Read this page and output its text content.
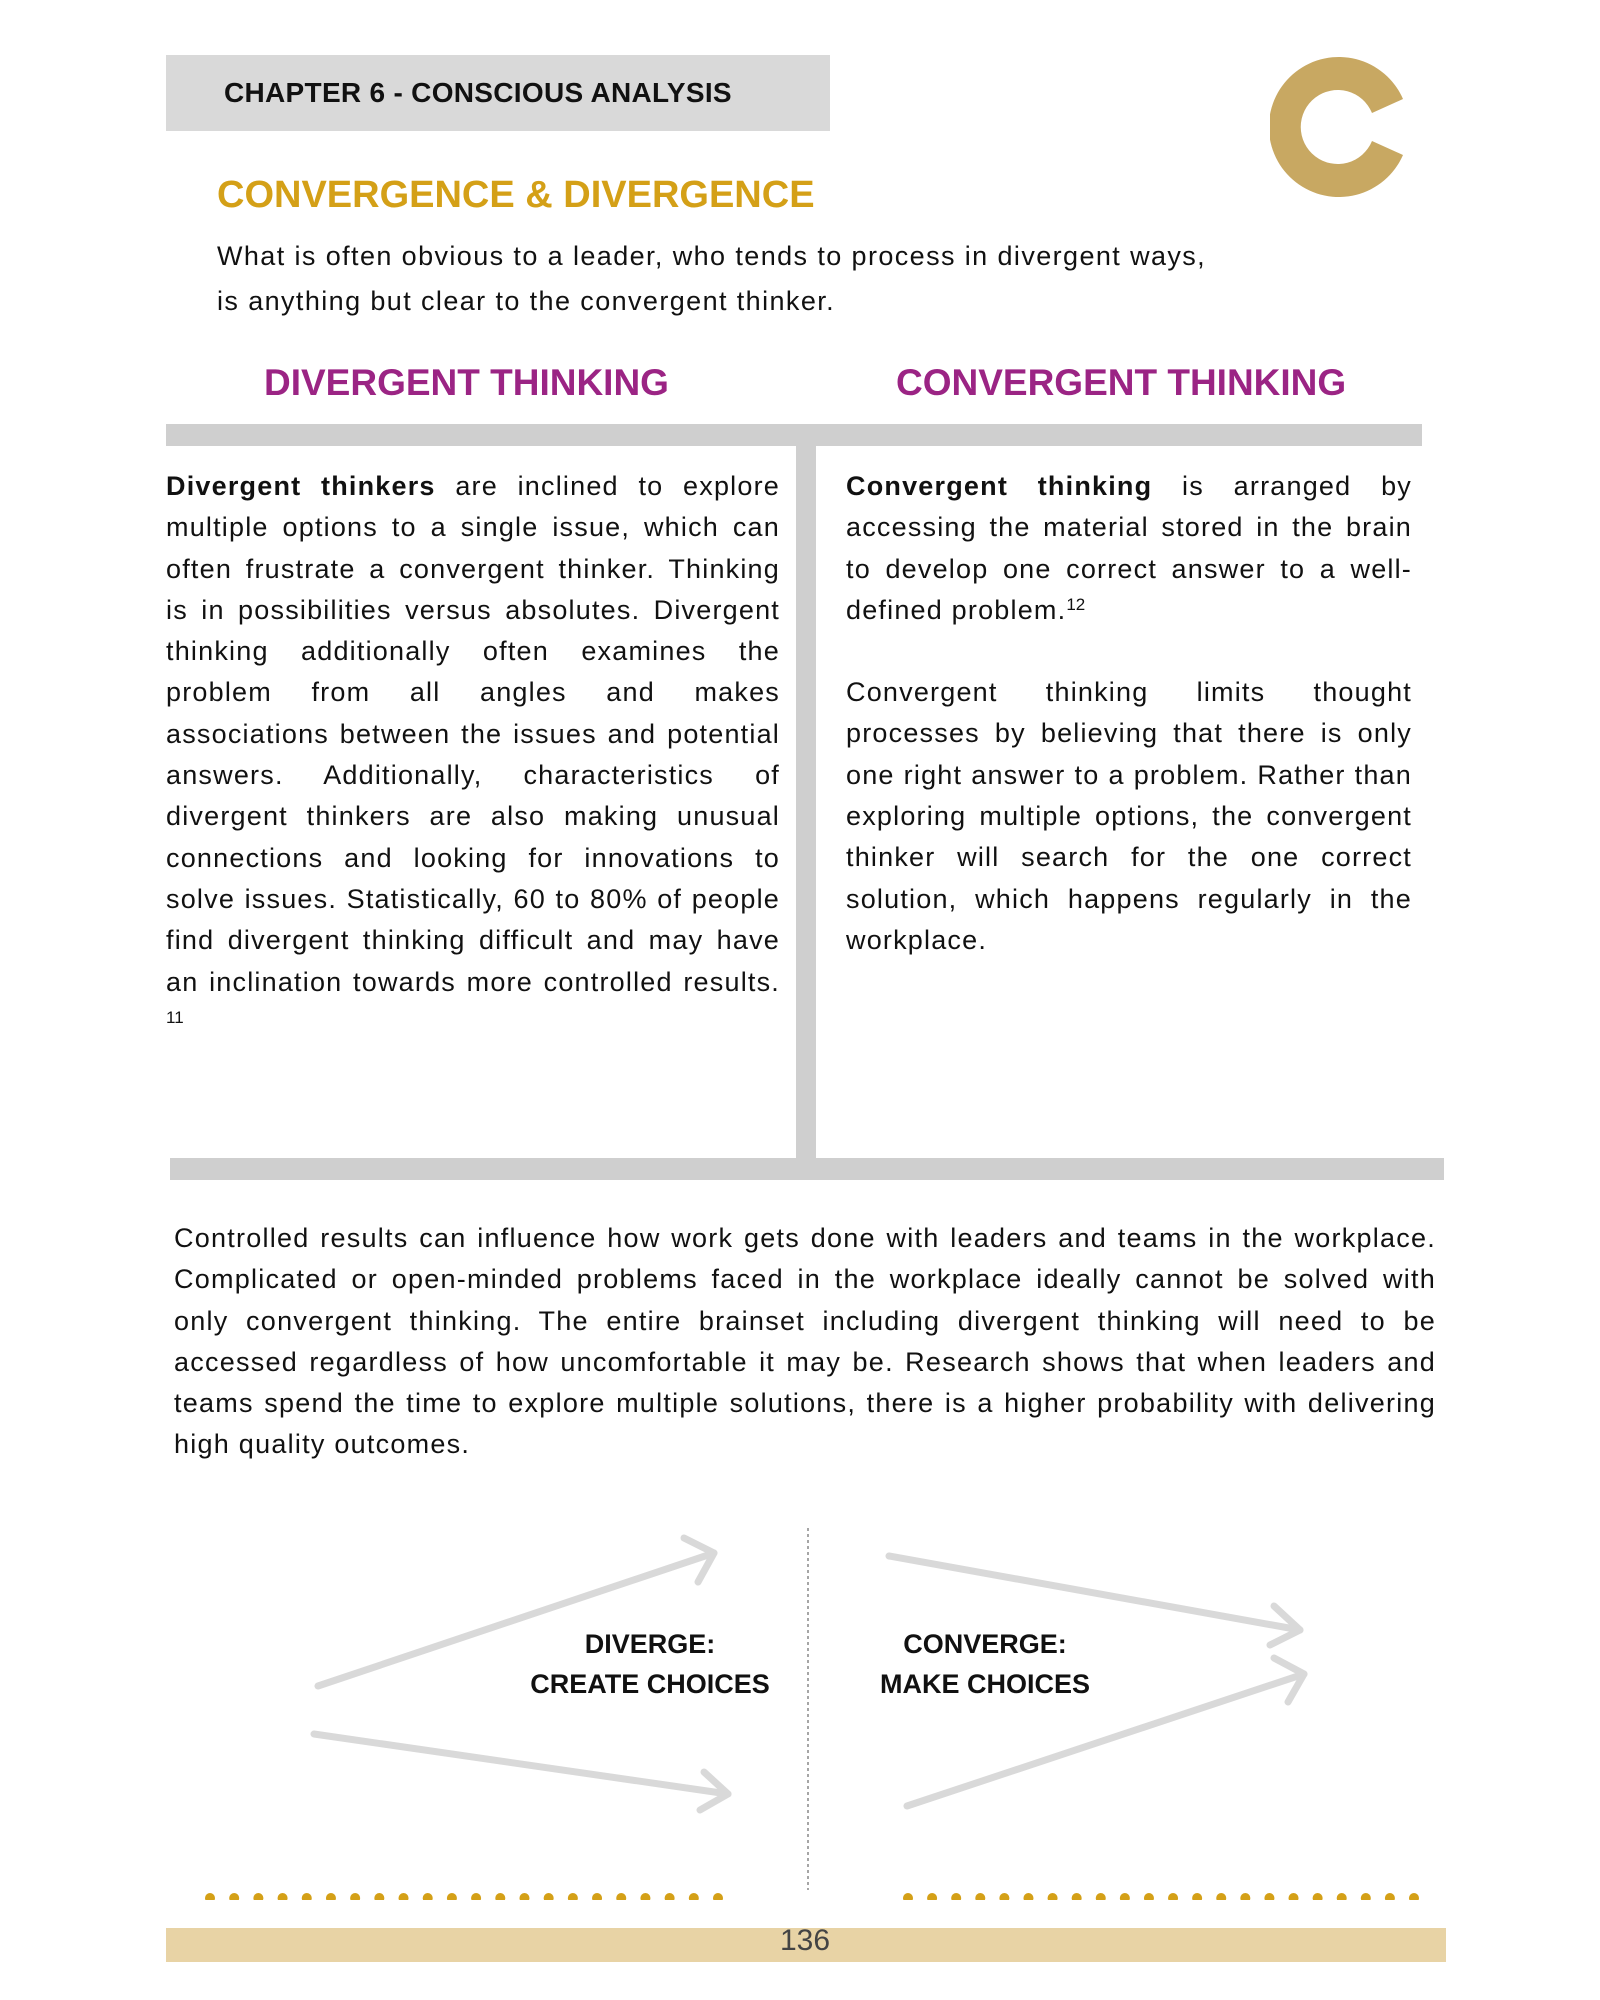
CHAPTER 6 - CONSCIOUS ANALYSIS
CONVERGENCE & DIVERGENCE
What is often obvious to a leader, who tends to process in divergent ways,
is anything but clear to the convergent thinker.
DIVERGENT THINKING	CONVERGENT THINKING
Divergent thinkers are inclined to explore multiple options to a single issue, which can often frustrate a convergent thinker. Thinking is in possibilities versus absolutes. Divergent thinking additionally often examines the problem from all angles and makes associations between the issues and potential answers. Additionally, characteristics of divergent thinkers are also making unusual connections and looking for innovations to solve issues. Statistically, 60 to 80% of people find divergent thinking difficult and may have an inclination towards more controlled results. $^{11}$
Convergent thinking is arranged by accessing the material stored in the brain to develop one correct answer to a well-defined problem.$^{12}$
Convergent thinking limits thought processes by believing that there is only one right answer to a problem. Rather than exploring multiple options, the convergent thinker will search for the one correct solution, which happens regularly in the workplace.
Controlled results can influence how work gets done with leaders and teams in the workplace. Complicated or open-minded problems faced in the workplace ideally cannot be solved with only convergent thinking. The entire brainset including divergent thinking will need to be accessed regardless of how uncomfortable it may be. Research shows that when leaders and teams spend the time to explore multiple solutions, there is a higher probability with delivering high quality outcomes.
DIVERGE:
CREATE CHOICES
CONVERGE:
MAKE CHOICES
136
